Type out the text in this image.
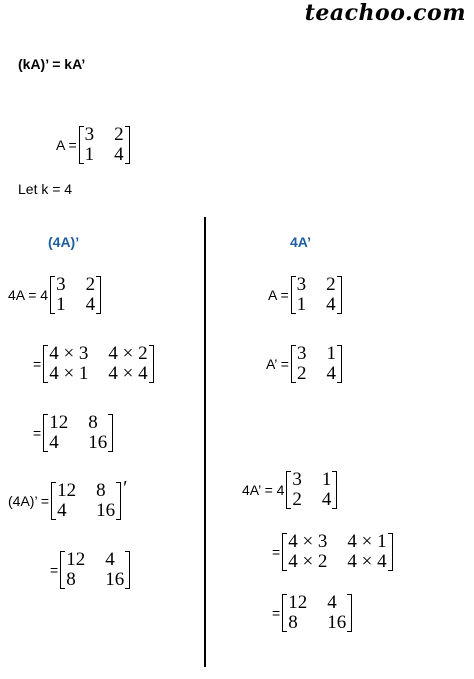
teachoo.com
(kA)’ = kA’
A = 3 2
1 4
Let k = 4
(4A)’
4A = 4 3 2
1 4
= 4 × 3 4 × 2
4 × 1 4 × 4
= 12 8
4	16
(4A)’ = 12 8
4	16
′
= 12 4
8	16
4A’
A = 3 2
1 4
A’ = 3 1
2 4
4A’ = 4 3 1
2 4
= 4 × 3 4 × 1
4 × 2 4 × 4
= 12 4
8	16
